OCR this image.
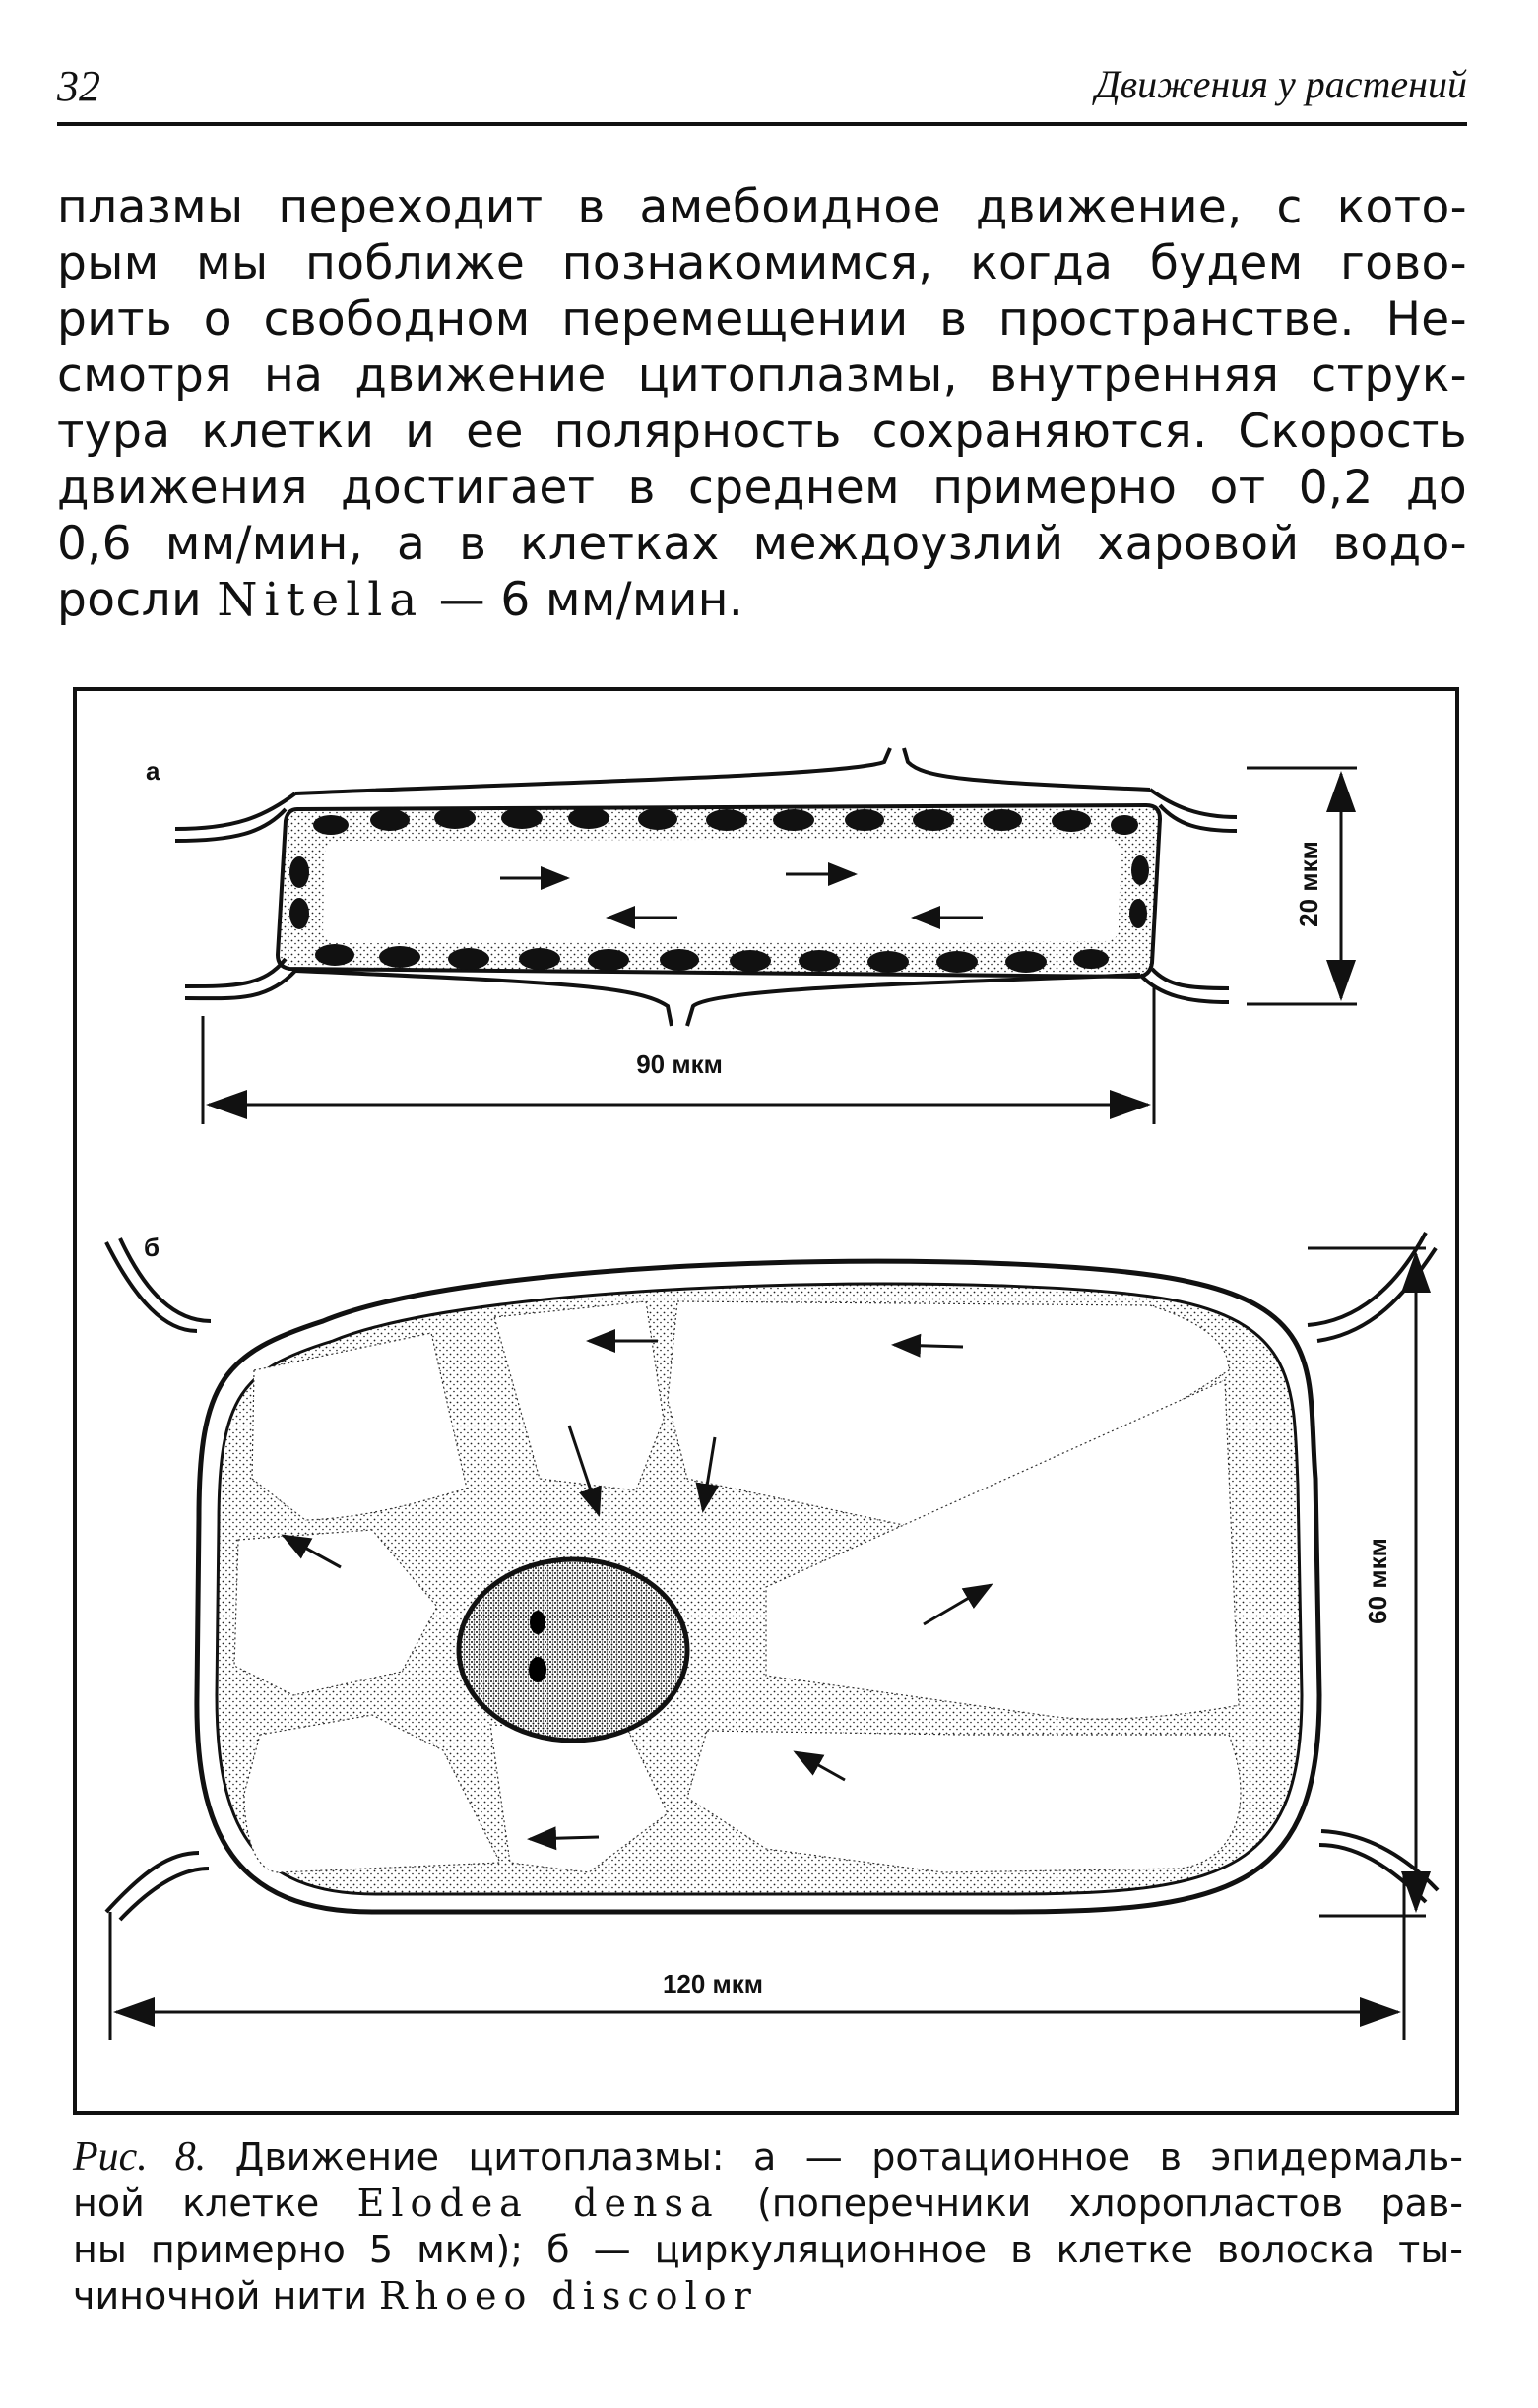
32	Движения у растений

плазмы переходит в амебоидное движение, с кото-
рым мы поближе познакомимся, когда будем гово-
рить о свободном перемещении в пространстве. Не-
смотря на движение цитоплазмы, внутренняя струк-
тура клетки и ее полярность сохраняются. Скорость
движения достигает в среднем примерно от 0,2 до
0,6 мм/мин, а в клетках междоузлий харовой водо-
росли Nitella — 6 мм/мин.

а
90 мкм
20 мкм
б
120 мкм
60 мкм

Рис. 8. Движение цитоплазмы: а — ротационное в эпидермаль-
ной клетке Elodea densa (поперечники хлоропластов рав-
ны примерно 5 мкм); б — циркуляционное в клетке волоска ты-
чиночной нити Rhoeo discolor
